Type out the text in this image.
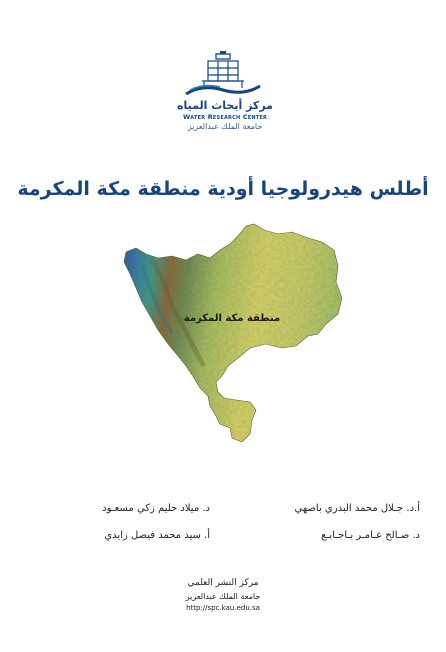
مركز أبحاث المياه
Water Research Center
جامعة الملك عبدالعزيز
أطلس هيدرولوجيا أودية منطقة مكة المكرمة
منطقة مكة المكرمة
أ.د. جـلال محمد البدري باصهي
د. ميلاد حليم زكي مسعـود
د. صـالح عـامـر بـاجـابـع
أ. سيد محمد فيصل زايدي
مركز النشر العلمي
جامعة الملك عبدالعزيز
http://spc.kau.edu.sa
